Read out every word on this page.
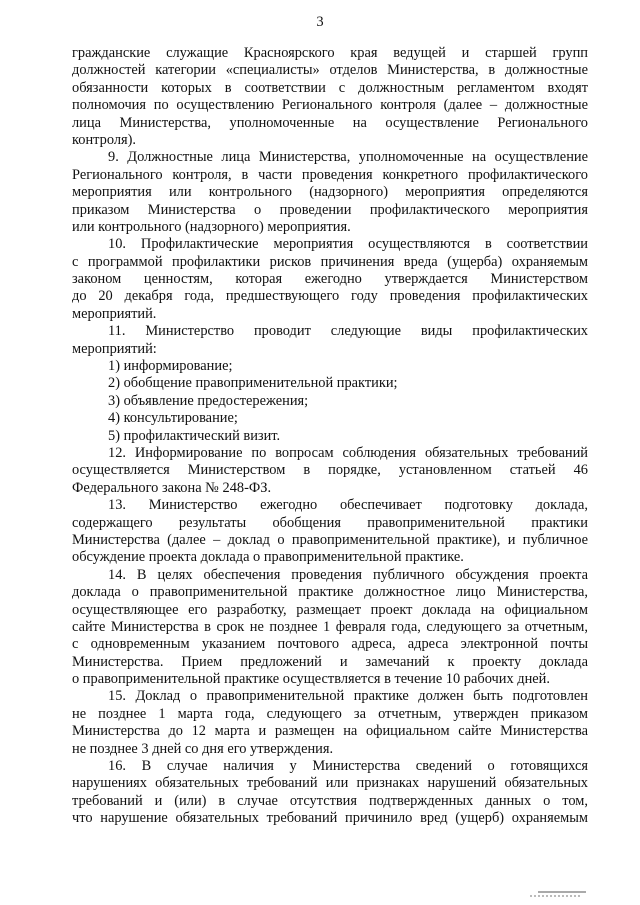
3
гражданские служащие Красноярского края ведущей и старшей групп
должностей категории «специалисты» отделов Министерства, в должностные
обязанности которых в соответствии с должностным регламентом входят
полномочия по осуществлению Регионального контроля (далее – должностные
лица Министерства, уполномоченные на осуществление Регионального
контроля).
9. Должностные лица Министерства, уполномоченные на осуществление
Регионального контроля, в части проведения конкретного профилактического
мероприятия или контрольного (надзорного) мероприятия определяются
приказом Министерства о проведении профилактического мероприятия
или контрольного (надзорного) мероприятия.
10. Профилактические мероприятия осуществляются в соответствии
с программой профилактики рисков причинения вреда (ущерба) охраняемым
законом ценностям, которая ежегодно утверждается Министерством
до 20 декабря года, предшествующего году проведения профилактических
мероприятий.
11. Министерство проводит следующие виды профилактических
мероприятий:
1) информирование;
2) обобщение правоприменительной практики;
3) объявление предостережения;
4) консультирование;
5) профилактический визит.
12. Информирование по вопросам соблюдения обязательных требований
осуществляется Министерством в порядке, установленном статьей 46
Федерального закона № 248-ФЗ.
13. Министерство ежегодно обеспечивает подготовку доклада,
содержащего результаты обобщения правоприменительной практики
Министерства (далее – доклад о правоприменительной практике), и публичное
обсуждение проекта доклада о правоприменительной практике.
14. В целях обеспечения проведения публичного обсуждения проекта
доклада о правоприменительной практике должностное лицо Министерства,
осуществляющее его разработку, размещает проект доклада на официальном
сайте Министерства в срок не позднее 1 февраля года, следующего за отчетным,
с одновременным указанием почтового адреса, адреса электронной почты
Министерства. Прием предложений и замечаний к проекту доклада
о правоприменительной практике осуществляется в течение 10 рабочих дней.
15. Доклад о правоприменительной практике должен быть подготовлен
не позднее 1 марта года, следующего за отчетным, утвержден приказом
Министерства до 12 марта и размещен на официальном сайте Министерства
не позднее 3 дней со дня его утверждения.
16. В случае наличия у Министерства сведений о готовящихся
нарушениях обязательных требований или признаках нарушений обязательных
требований и (или) в случае отсутствия подтвержденных данных о том,
что нарушение обязательных требований причинило вред (ущерб) охраняемым
